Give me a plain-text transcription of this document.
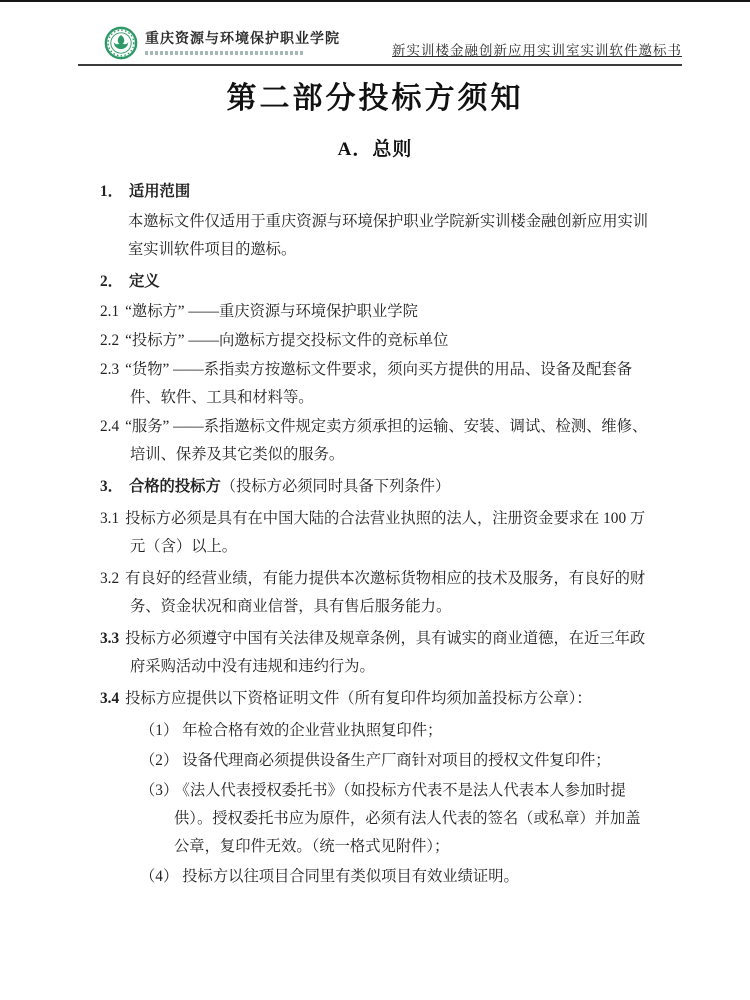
重庆资源与环境保护职业学院
新实训楼金融创新应用实训室实训软件邀标书
第二部分投标方须知
A．总则

1． 适用范围

本邀标文件仅适用于重庆资源与环境保护职业学院新实训楼金融创新应用实训室实训软件项目的邀标。

2． 定义

2.1 “邀标方” ——重庆资源与环境保护职业学院

2.2 “投标方” ——向邀标方提交投标文件的竞标单位

2.3 “货物” ——系指卖方按邀标文件要求，须向买方提供的用品、设备及配套备件、软件、工具和材料等。

2.4 “服务” ——系指邀标文件规定卖方须承担的运输、安装、调试、检测、维修、培训、保养及其它类似的服务。

3． 合格的投标方（投标方必须同时具备下列条件）

3.1 投标方必须是具有在中国大陆的合法营业执照的法人，注册资金要求在 100 万元（含）以上。

3.2 有良好的经营业绩，有能力提供本次邀标货物相应的技术及服务，有良好的财务、资金状况和商业信誉，具有售后服务能力。

3.3 投标方必须遵守中国有关法律及规章条例，具有诚实的商业道德，在近三年政府采购活动中没有违规和违约行为。

3.4 投标方应提供以下资格证明文件（所有复印件均须加盖投标方公章）：

（1） 年检合格有效的企业营业执照复印件；

（2） 设备代理商必须提供设备生产厂商针对项目的授权文件复印件；

（3） 《法人代表授权委托书》（如投标方代表不是法人代表本人参加时提供）。授权委托书应为原件，必须有法人代表的签名（或私章）并加盖公章，复印件无效。（统一格式见附件）；

（4） 投标方以往项目合同里有类似项目有效业绩证明。
